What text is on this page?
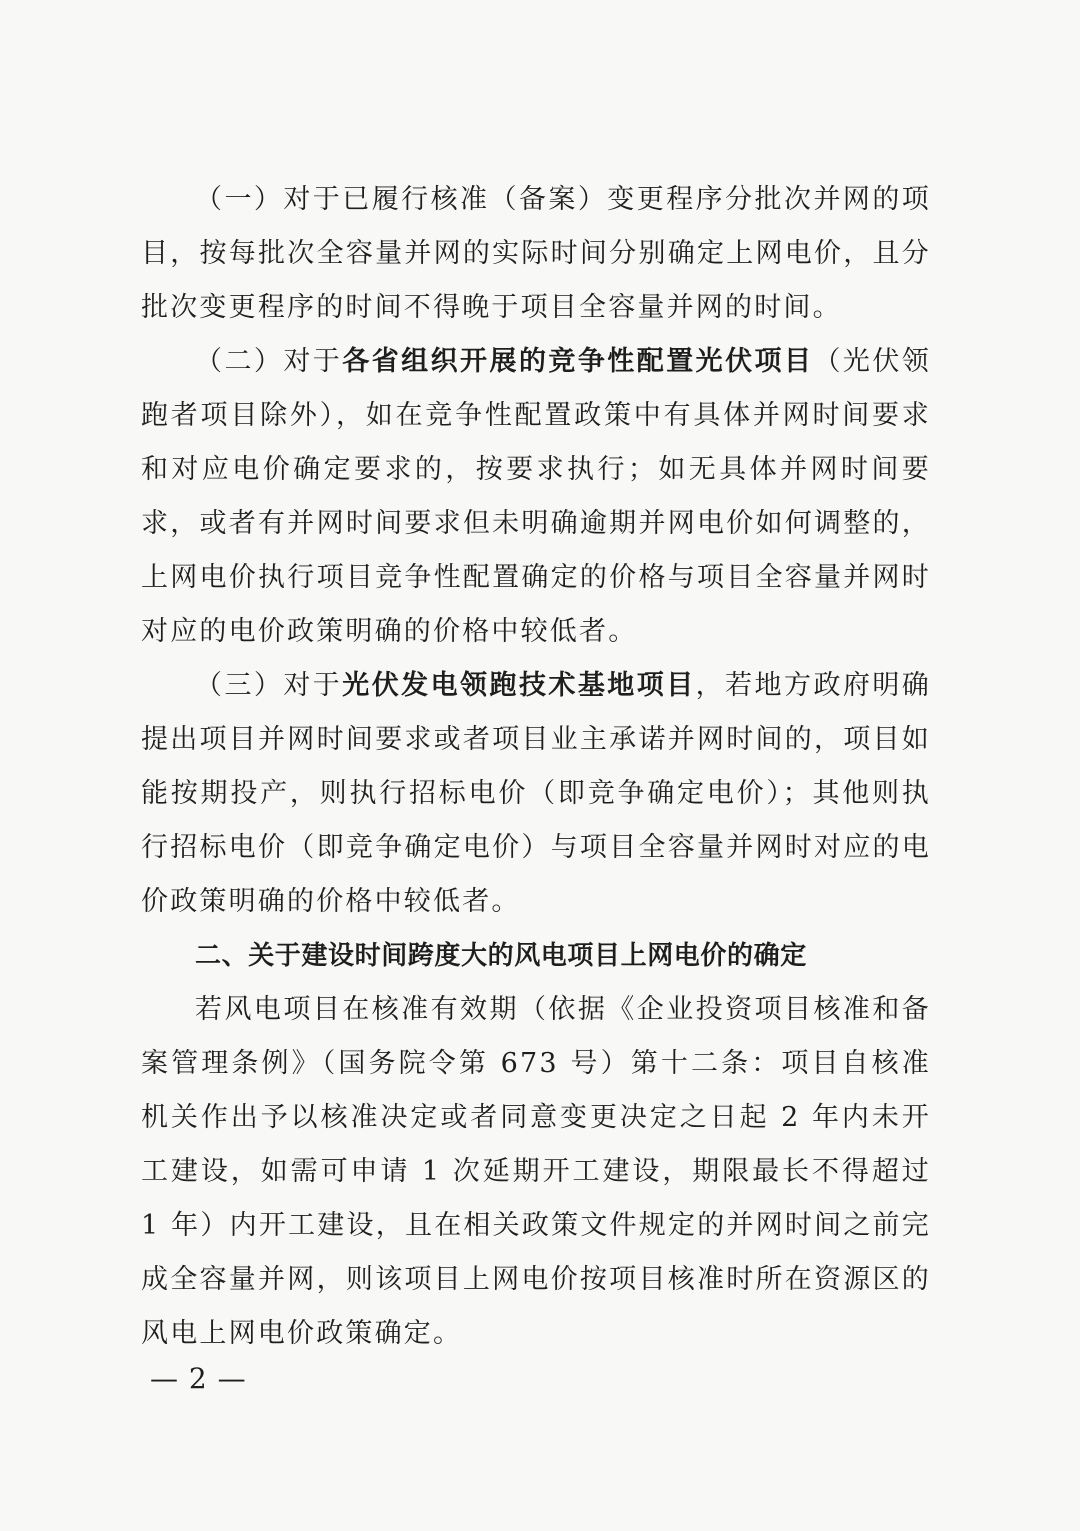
（一）对于已履行核准（备案）变更程序分批次并网的项目，按每批次全容量并网的实际时间分别确定上网电价，且分批次变更程序的时间不得晚于项目全容量并网的时间。

（二）对于各省组织开展的竞争性配置光伏项目（光伏领跑者项目除外），如在竞争性配置政策中有具体并网时间要求和对应电价确定要求的，按要求执行；如无具体并网时间要求，或者有并网时间要求但未明确逾期并网电价如何调整的，上网电价执行项目竞争性配置确定的价格与项目全容量并网时对应的电价政策明确的价格中较低者。

（三）对于光伏发电领跑技术基地项目，若地方政府明确提出项目并网时间要求或者项目业主承诺并网时间的，项目如能按期投产，则执行招标电价（即竞争确定电价）；其他则执行招标电价（即竞争确定电价）与项目全容量并网时对应的电价政策明确的价格中较低者。

二、关于建设时间跨度大的风电项目上网电价的确定

若风电项目在核准有效期（依据《企业投资项目核准和备案管理条例》（国务院令第 673 号）第十二条：项目自核准机关作出予以核准决定或者同意变更决定之日起 2 年内未开工建设，如需可申请 1 次延期开工建设，期限最长不得超过 1 年）内开工建设，且在相关政策文件规定的并网时间之前完成全容量并网，则该项目上网电价按项目核准时所在资源区的风电上网电价政策确定。

— 2 —
